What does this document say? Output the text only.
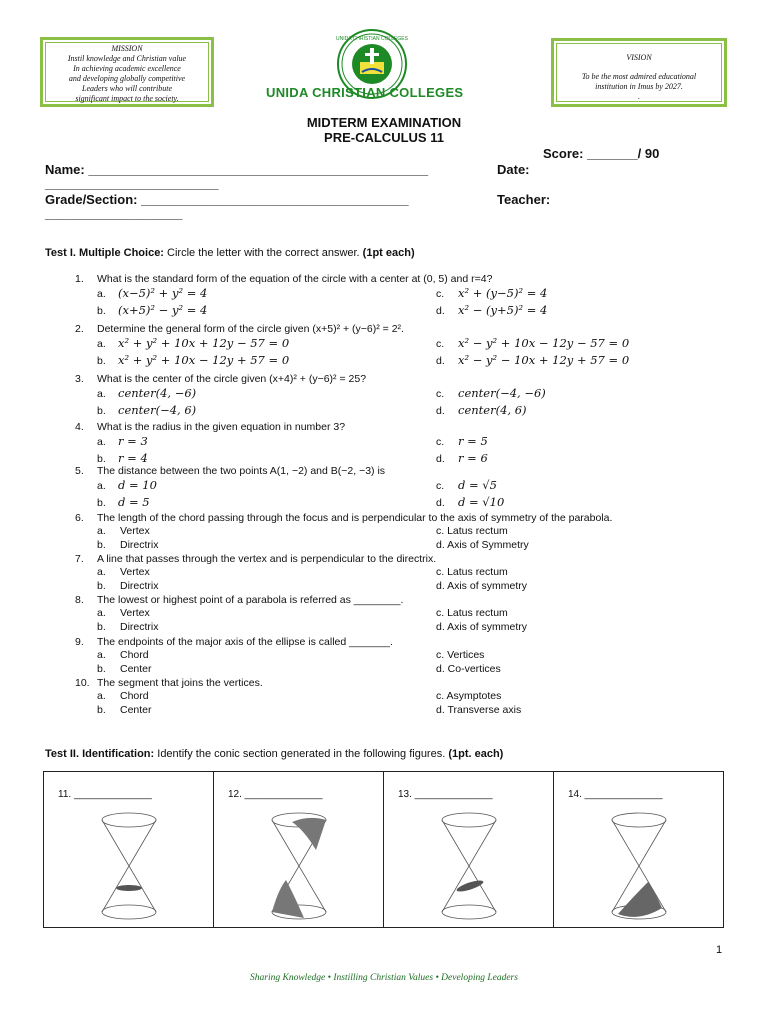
MISSION
Instil knowledge and Christian value
In achieving academic excellence
and developing globally competitive
Leaders who will contribute
significant impact to the society.
UNIDA CHRISTIAN COLLEGES
UNIDA CHRISTIAN COLLEGES
VISION
To be the most admired educational
institution in Imus by 2027.
.
MIDTERM EXAMINATION
PRE-CALCULUS 11
Score: _______/ 90
Name: _______________________________________________	Date:
________________________
Grade/Section: _____________________________________	Teacher:
___________________
Test I. Multiple Choice: Circle the letter with the correct answer. (1pt each)
1. What is the standard form of the equation of the circle with a center at (0, 5) and r=4?
a. (x−5)² + y² = 4
b. (x+5)² − y² = 4
c. x² + (y−5)² = 4
d. x² − (y+5)² = 4
2. Determine the general form of the circle given (x+5)² + (y−6)² = 2².
a. x² + y² + 10x + 12y − 57 = 0
b. x² + y² + 10x − 12y + 57 = 0
c. x² − y² + 10x − 12y − 57 = 0
d. x² − y² − 10x + 12y + 57 = 0
3. What is the center of the circle given (x+4)² + (y−6)² = 25?
a. center(4, −6)
b. center(−4, 6)
c. center(−4, −6)
d. center(4, 6)
4. What is the radius in the given equation in number 3?
a. r = 3
b. r = 4
c. r = 5
d. r = 6
5. The distance between the two points A(1, −2) and B(−2, −3) is
a. d = 10
b. d = 5
c. d = √5
d. d = √10
6. The length of the chord passing through the focus and is perpendicular to the axis of symmetry of the parabola.
a. Vertex
b. Directrix
c. Latus rectum
d. Axis of Symmetry
7. A line that passes through the vertex and is perpendicular to the directrix.
a. Vertex
b. Directrix
c. Latus rectum
d. Axis of symmetry
8. The lowest or highest point of a parabola is referred as ________.
a. Vertex
b. Directrix
c. Latus rectum
d. Axis of symmetry
9. The endpoints of the major axis of the ellipse is called _______.
a. Chord
b. Center
c. Vertices
d. Co-vertices
10. The segment that joins the vertices.
a. Chord
b. Center
c. Asymptotes
d. Transverse axis
Test II. Identification: Identify the conic section generated in the following figures. (1pt. each)
11. ______________	12. ______________	13. ______________	14. ______________
1
Sharing Knowledge • Instilling Christian Values • Developing Leaders
